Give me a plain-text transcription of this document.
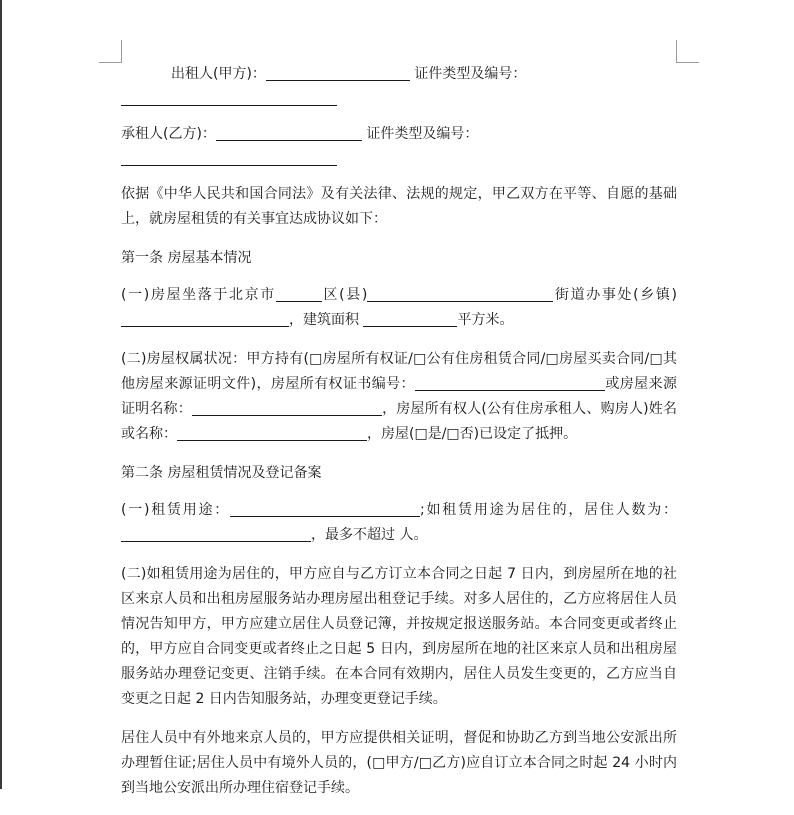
出租人(甲方)：	证件类型及编号：

承租人(乙方)：	证件类型及编号：

依据《中华人民共和国合同法》及有关法律、法规的规定，甲乙双方在平等、自愿的基础上，就房屋租赁的有关事宜达成协议如下：

第一条 房屋基本情况

(一)房屋坐落于北京市	区(县)	街道办事处(乡镇)，建筑面积	平方米。

(二)房屋权属状况：甲方持有(□房屋所有权证/□公有住房租赁合同/□房屋买卖合同/□其他房屋来源证明文件)，房屋所有权证书编号：	或房屋来源证明名称：	，房屋所有权人(公有住房承租人、购房人)姓名或名称：	，房屋(□是/□否)已设定了抵押。

第二条 房屋租赁情况及登记备案

(一)租赁用途：	;如租赁用途为居住的，居住人数为：，最多不超过 人。

(二)如租赁用途为居住的，甲方应自与乙方订立本合同之日起 7 日内，到房屋所在地的社区来京人员和出租房屋服务站办理房屋出租登记手续。对多人居住的，乙方应将居住人员情况告知甲方，甲方应建立居住人员登记簿，并按规定报送服务站。本合同变更或者终止的，甲方应自合同变更或者终止之日起 5 日内，到房屋所在地的社区来京人员和出租房屋服务站办理登记变更、注销手续。在本合同有效期内，居住人员发生变更的，乙方应当自变更之日起 2 日内告知服务站，办理变更登记手续。

居住人员中有外地来京人员的，甲方应提供相关证明，督促和协助乙方到当地公安派出所办理暂住证;居住人员中有境外人员的，(□甲方/□乙方)应自订立本合同之时起 24 小时内到当地公安派出所办理住宿登记手续。
